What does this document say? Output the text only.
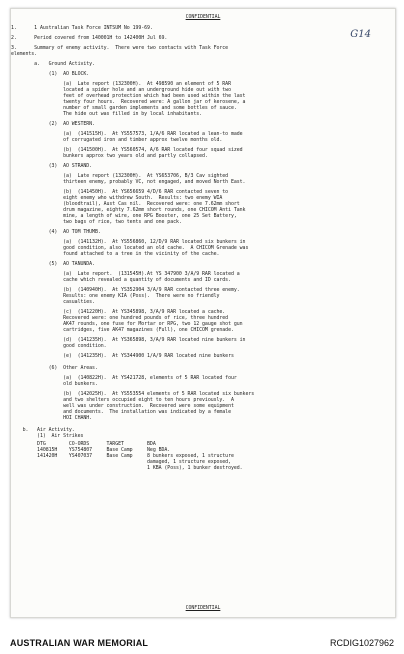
G14
CONFIDENTIAL
1.      1 Australian Task Force INTSUM No 199-69.
2.      Period covered from 140001H to 142400H Jul 69.
3.      Summary of enemy activity.  There were two contacts with Task Force
elements.
a.   Ground Activity.
(1)  AO BLOCK.
(a)  Late report (132300H).  At 498590 an element of 5 RAR
located a spider hole and an underground hide out with two
feet of overhead protection which had been used within the last
twenty four hours.  Recovered were: A gallon jar of kerosene, a
number of small garden implements and some bottles of sauce.
The hide out was filled in by local inhabitants.
(2)  AO WESTERN.
(a)  (141515H).  At YS557573, 1/A/6 RAR located a lean-to made
of corrugated iron and timber approx twelve months old.
(b)  (141500H).  At YS560574, A/6 RAR located four squad sized
bunkers approx two years old and partly collapsed.
(3)  AO STRAND.
(a)  Late report (132300H).  At YS653706, B/3 Cav sighted
thirteen enemy, probably VC, not engaged, and moved North East.
(b)  (141450H).  At YS656659 4/D/6 RAR contacted seven to
eight enemy who withdrew South.  Results: two enemy WIA
(bloodtrail), Aust Cas nil.  Recovered were: one 7.62mm short
drum magazine, eighty 7.62mm short rounds, one CHICOM Anti Tank
mine, a length of wire, one RPG Booster, one 25 Set Battery,
two bags of rice, two tents and one pack.
(4)  AO TOM THUMB.
(a)  (141132H).  At YS556860, 12/D/9 RAR located six bunkers in
good condition, also located an old cache.  A CHICOM Grenade was
found attached to a tree in the vicinity of the cache.
(5)  AO TANUNDA.
(a)  Late report.  (131545H).At YS 347900 3/A/9 RAR located a
cache which revealed a quantity of documents and ID cards.
(b)  (140940H).  At YS352904 3/A/9 RAR contacted three enemy.
Results: one enemy KIA (Poss).  There were no friendly
casualties.
(c)  (141220H).  At YS345898, 3/A/9 RAR located a cache.
Recovered were: one hundred pounds of rice, three hundred
AK47 rounds, one fuse for Mortar or RPG, two 12 gauge shot gun
cartridges, five AK47 magazines (Full), one CHICOM grenade.
(d)  (141235H).  At YS365898, 3/A/9 RAR located nine bunkers in
good condition.
(e)  (141235H).  At YS344900 1/A/9 RAR located nine bunkers
(6)  Other Areas.
(a)  (140822H).  At YS421728, elements of 5 RAR located four
old bunkers.
(b)  (142025H).  At YS553554 elements of 5 RAR located six bunkers
and two shelters occupied eight to ten hours previously.  A
well was under construction.  Recovered were some equipment
and documents.  The installation was indicated by a female
HOI CHANH.
b.   Air Activity.
(1)  Air Strikes
DTG        CO-ORDS      TARGET        BDA
140815H    YS754807     Base Camp     Neg BDA.
141420H    YS407037     Base Camp     8 bunkers exposed, 1 structure
damaged, 1 structure exposed,
1 KBA (Poss), 1 bunker destroyed.
CONFIDENTIAL
AUSTRALIAN WAR MEMORIAL	RCDIG1027962
